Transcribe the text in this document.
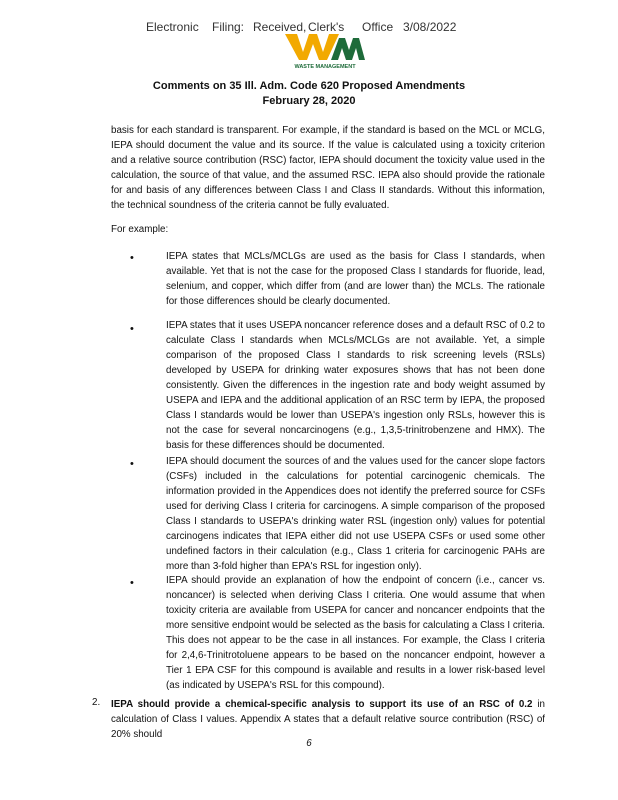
Electronic Filing: Received, Clerk's Office 3/08/2022
WASTE MANAGEMENT
Comments on 35 Ill. Adm. Code 620 Proposed Amendments
February 28, 2020

basis for each standard is transparent. For example, if the standard is based on the MCL or MCLG, IEPA should document the value and its source. If the value is calculated using a toxicity criterion and a relative source contribution (RSC) factor, IEPA should document the toxicity value used in the calculation, the source of that value, and the assumed RSC. IEPA also should provide the rationale for and basis of any differences between Class I and Class II standards. Without this information, the technical soundness of the criteria cannot be fully evaluated.

For example:

•	IEPA states that MCLs/MCLGs are used as the basis for Class I standards, when available. Yet that is not the case for the proposed Class I standards for fluoride, lead, selenium, and copper, which differ from (and are lower than) the MCLs. The rationale for those differences should be clearly documented.

•	IEPA states that it uses USEPA noncancer reference doses and a default RSC of 0.2 to calculate Class I standards when MCLs/MCLGs are not available. Yet, a simple comparison of the proposed Class I standards to risk screening levels (RSLs) developed by USEPA for drinking water exposures shows that has not been done consistently. Given the differences in the ingestion rate and body weight assumed by USEPA and IEPA and the additional application of an RSC term by IEPA, the proposed Class I standards would be lower than USEPA's ingestion only RSLs, however this is not the case for several noncarcinogens (e.g., 1,3,5-trinitrobenzene and HMX). The basis for these differences should be documented.

•	IEPA should document the sources of and the values used for the cancer slope factors (CSFs) included in the calculations for potential carcinogenic chemicals. The information provided in the Appendices does not identify the preferred source for CSFs used for deriving Class I criteria for carcinogens. A simple comparison of the proposed Class I standards to USEPA's drinking water RSL (ingestion only) values for potential carcinogens indicates that IEPA either did not use USEPA CSFs or used some other undefined factors in their calculation (e.g., Class 1 criteria for carcinogenic PAHs are more than 3-fold higher than EPA's RSL for ingestion only).

•	IEPA should provide an explanation of how the endpoint of concern (i.e., cancer vs. noncancer) is selected when deriving Class I criteria. One would assume that when toxicity criteria are available from USEPA for cancer and noncancer endpoints that the more sensitive endpoint would be selected as the basis for calculating a Class I criteria. This does not appear to be the case in all instances. For example, the Class I criteria for 2,4,6-Trinitrotoluene appears to be based on the noncancer endpoint, however a Tier 1 EPA CSF for this compound is available and results in a lower risk-based level (as indicated by USEPA's RSL for this compound).

2. IEPA should provide a chemical-specific analysis to support its use of an RSC of 0.2 in calculation of Class I values. Appendix A states that a default relative source contribution (RSC) of 20% should

6
